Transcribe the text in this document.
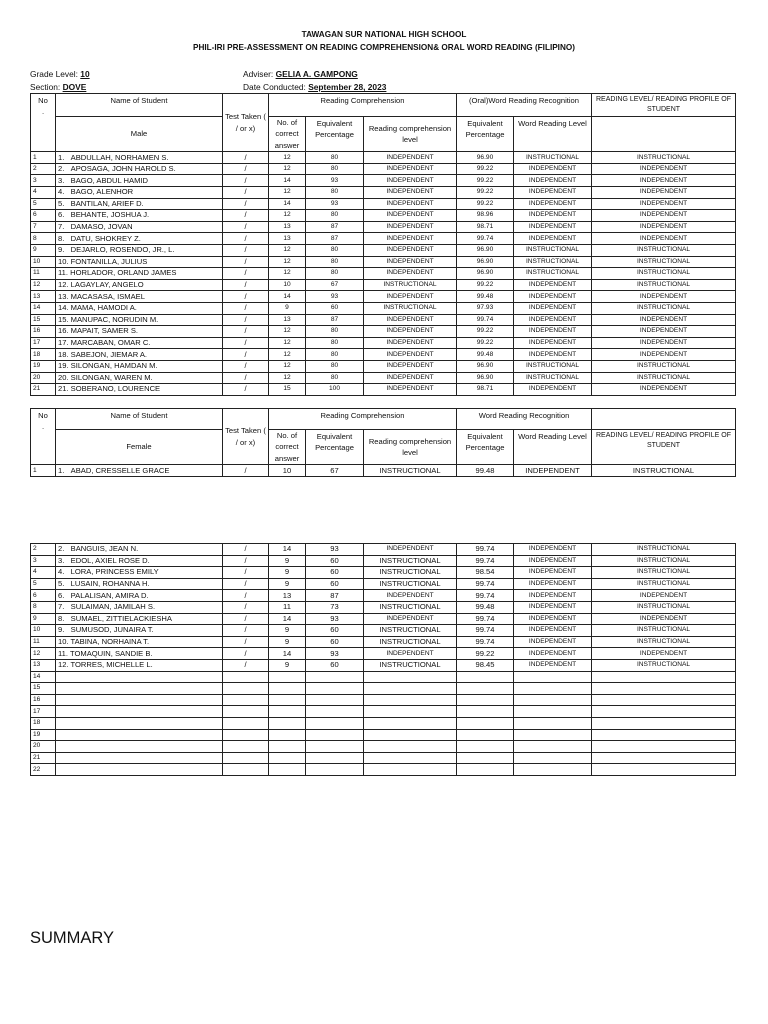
TAWAGAN SUR NATIONAL HIGH SCHOOL
PHIL-IRI PRE-ASSESSMENT ON READING COMPREHENSION& ORAL WORD READING (FILIPINO)
Grade Level: 10
Section: DOVE
Adviser: GELIA A. GAMPONG
Date Conducted: September 28, 2023
No
.	Name of Student	Test Taken ( / or x)	Reading Comprehension			(Oral)Word Reading Recognition		READING LEVEL/ READING PROFILE OF STUDENT
	Male		No. of correct answer	Equivalent Percentage	Reading comprehension level	Equivalent Percentage	Word Reading Level	
1	1.   ABDULLAH, NORHAMEN S.	/	12	80	INDEPENDENT	96.90	INSTRUCTIONAL	INSTRUCTIONAL
2	2.   APOSAGA, JOHN HAROLD S.	/	12	80	INDEPENDENT	99.22	INDEPENDENT	INDEPENDENT
3	3.   BAGO, ABDUL HAMID	/	14	93	INDEPENDENT	99.22	INDEPENDENT	INDEPENDENT
4	4.   BAGO, ALENHOR	/	12	80	INDEPENDENT	99.22	INDEPENDENT	INDEPENDENT
5	5.   BANTILAN, ARIEF D.	/	14	93	INDEPENDENT	99.22	INDEPENDENT	INDEPENDENT
6	6.   BEHANTE, JOSHUA J.	/	12	80	INDEPENDENT	98.96	INDEPENDENT	INDEPENDENT
7	7.   DAMASO, JOVAN	/	13	87	INDEPENDENT	98.71	INDEPENDENT	INDEPENDENT
8	8.   DATU, SHOKREY Z.	/	13	87	INDEPENDENT	99.74	INDEPENDENT	INDEPENDENT
9	9.   DEJARLO, ROSENDO, JR., L.	/	12	80	INDEPENDENT	96.90	INSTRUCTIONAL	INSTRUCTIONAL
10	10. FONTANILLA, JULIUS	/	12	80	INDEPENDENT	96.90	INSTRUCTIONAL	INSTRUCTIONAL
11	11. HORLADOR, ORLAND JAMES	/	12	80	INDEPENDENT	96.90	INSTRUCTIONAL	INSTRUCTIONAL
12	12. LAGAYLAY, ANGELO	/	10	67	INSTRUCTIONAL	99.22	INDEPENDENT	INSTRUCTIONAL
13	13. MACASASA, ISMAEL	/	14	93	INDEPENDENT	99.48	INDEPENDENT	INDEPENDENT
14	14. MAMA, HAMODI A.	/	9	60	INSTRUCTIONAL	97.93	INDEPENDENT	INSTRUCTIONAL
15	15. MANUPAC, NORUDIN M.	/	13	87	INDEPENDENT	99.74	INDEPENDENT	INDEPENDENT
16	16. MAPAIT, SAMER S.	/	12	80	INDEPENDENT	99.22	INDEPENDENT	INDEPENDENT
17	17. MARCABAN, OMAR C.	/	12	80	INDEPENDENT	99.22	INDEPENDENT	INDEPENDENT
18	18. SABEJON, JIEMAR A.	/	12	80	INDEPENDENT	99.48	INDEPENDENT	INDEPENDENT
19	19. SILONGAN, HAMDAN M.	/	12	80	INDEPENDENT	96.90	INSTRUCTIONAL	INSTRUCTIONAL
20	20. SILONGAN, WAREN M.	/	12	80	INDEPENDENT	96.90	INSTRUCTIONAL	INSTRUCTIONAL
21	21. SOBERANO, LOURENCE	/	15	100	INDEPENDENT	98.71	INDEPENDENT	INDEPENDENT
No
.	Name of Student	Test Taken ( / or x)	Reading Comprehension			Word Reading Recognition		
	Female		No. of correct answer	Equivalent Percentage	Reading comprehension level	Equivalent Percentage	Word Reading Level	READING LEVEL/ READING PROFILE OF STUDENT
1	1.   ABAD, CRESSELLE GRACE	/	10	67	INSTRUCTIONAL	99.48	INDEPENDENT	INSTRUCTIONAL
2	2.   BANGUIS, JEAN N.	/	14	93	INDEPENDENT	99.74	INDEPENDENT	INSTRUCTIONAL
3	3.   EDOL, AXIEL ROSE D.	/	9	60	INSTRUCTIONAL	99.74	INDEPENDENT	INSTRUCTIONAL
4	4.   LORA, PRINCESS EMILY	/	9	60	INSTRUCTIONAL	98.54	INDEPENDENT	INSTRUCTIONAL
5	5.   LUSAIN, ROHANNA H.	/	9	60	INSTRUCTIONAL	99.74	INDEPENDENT	INSTRUCTIONAL
6	6.   PALALISAN, AMIRA D.	/	13	87	INDEPENDENT	99.74	INDEPENDENT	INDEPENDENT
8	7.   SULAIMAN, JAMILAH S.	/	11	73	INSTRUCTIONAL	99.48	INDEPENDENT	INSTRUCTIONAL
9	8.   SUMAEL, ZITTIELACKIESHA	/	14	93	INDEPENDENT	99.74	INDEPENDENT	INDEPENDENT
10	9.   SUMUSOD, JUNAIRA T.	/	9	60	INSTRUCTIONAL	99.74	INDEPENDENT	INSTRUCTIONAL
11	10. TABINA, NORHAINA T.	/	9	60	INSTRUCTIONAL	99.74	INDEPENDENT	INSTRUCTIONAL
12	11. TOMAQUIN, SANDIE B.	/	14	93	INDEPENDENT	99.22	INDEPENDENT	INDEPENDENT
13	12. TORRES, MICHELLE L.	/	9	60	INSTRUCTIONAL	98.45	INDEPENDENT	INSTRUCTIONAL
14								
15								
16								
17								
18								
19								
20								
21								
22								
SUMMARY
